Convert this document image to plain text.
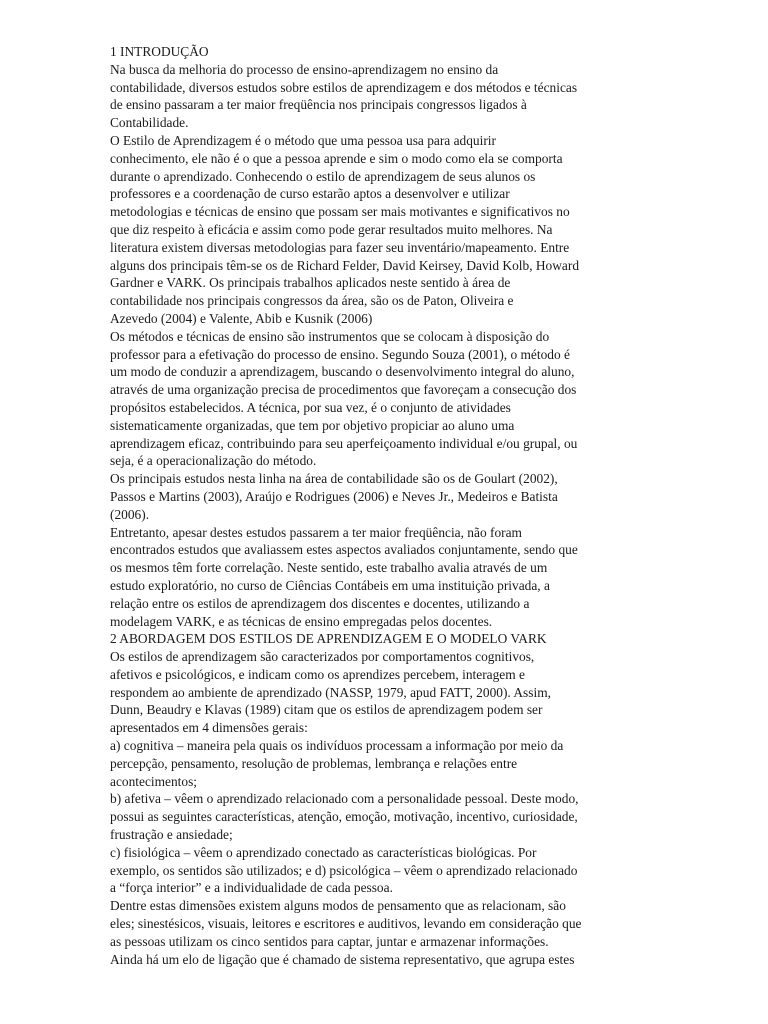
1 INTRODUÇÃO
Na busca da melhoria do processo de ensino-aprendizagem no ensino da
contabilidade, diversos estudos sobre estilos de aprendizagem e dos métodos e técnicas
de ensino passaram a ter maior freqüência nos principais congressos ligados à
Contabilidade.
O Estilo de Aprendizagem é o método que uma pessoa usa para adquirir
conhecimento, ele não é o que a pessoa aprende e sim o modo como ela se comporta
durante o aprendizado. Conhecendo o estilo de aprendizagem de seus alunos os
professores e a coordenação de curso estarão aptos a desenvolver e utilizar
metodologias e técnicas de ensino que possam ser mais motivantes e significativos no
que diz respeito à eficácia e assim como pode gerar resultados muito melhores. Na
literatura existem diversas metodologias para fazer seu inventário/mapeamento. Entre
alguns dos principais têm-se os de Richard Felder, David Keirsey, David Kolb, Howard
Gardner e VARK. Os principais trabalhos aplicados neste sentido à área de
contabilidade nos principais congressos da área, são os de Paton, Oliveira e
Azevedo (2004) e Valente, Abib e Kusnik (2006)
Os métodos e técnicas de ensino são instrumentos que se colocam à disposição do
professor para a efetivação do processo de ensino. Segundo Souza (2001), o método é
um modo de conduzir a aprendizagem, buscando o desenvolvimento integral do aluno,
através de uma organização precisa de procedimentos que favoreçam a consecução dos
propósitos estabelecidos. A técnica, por sua vez, é o conjunto de atividades
sistematicamente organizadas, que tem por objetivo propiciar ao aluno uma
aprendizagem eficaz, contribuindo para seu aperfeiçoamento individual e/ou grupal, ou
seja, é a operacionalização do método.
Os principais estudos nesta linha na área de contabilidade são os de Goulart (2002),
Passos e Martins (2003), Araújo e Rodrigues (2006) e Neves Jr., Medeiros e Batista
(2006).
Entretanto, apesar destes estudos passarem a ter maior freqüência, não foram
encontrados estudos que avaliassem estes aspectos avaliados conjuntamente, sendo que
os mesmos têm forte correlação. Neste sentido, este trabalho avalia através de um
estudo exploratório, no curso de Ciências Contábeis em uma instituição privada, a
relação entre os estilos de aprendizagem dos discentes e docentes, utilizando a
modelagem VARK, e as técnicas de ensino empregadas pelos docentes.
2 ABORDAGEM DOS ESTILOS DE APRENDIZAGEM E O MODELO VARK
Os estilos de aprendizagem são caracterizados por comportamentos cognitivos,
afetivos e psicológicos, e indicam como os aprendizes percebem, interagem e
respondem ao ambiente de aprendizado (NASSP, 1979, apud FATT, 2000). Assim,
Dunn, Beaudry e Klavas (1989) citam que os estilos de aprendizagem podem ser
apresentados em 4 dimensões gerais:
a) cognitiva – maneira pela quais os indivíduos processam a informação por meio da
percepção, pensamento, resolução de problemas, lembrança e relações entre
acontecimentos;
b) afetiva – vêem o aprendizado relacionado com a personalidade pessoal. Deste modo,
possui as seguintes características, atenção, emoção, motivação, incentivo, curiosidade,
frustração e ansiedade;
c) fisiológica – vêem o aprendizado conectado as características biológicas. Por
exemplo, os sentidos são utilizados; e d) psicológica – vêem o aprendizado relacionado
a “força interior” e a individualidade de cada pessoa.
Dentre estas dimensões existem alguns modos de pensamento que as relacionam, são
eles; sinestésicos, visuais, leitores e escritores e auditivos, levando em consideração que
as pessoas utilizam os cinco sentidos para captar, juntar e armazenar informações.
Ainda há um elo de ligação que é chamado de sistema representativo, que agrupa estes
